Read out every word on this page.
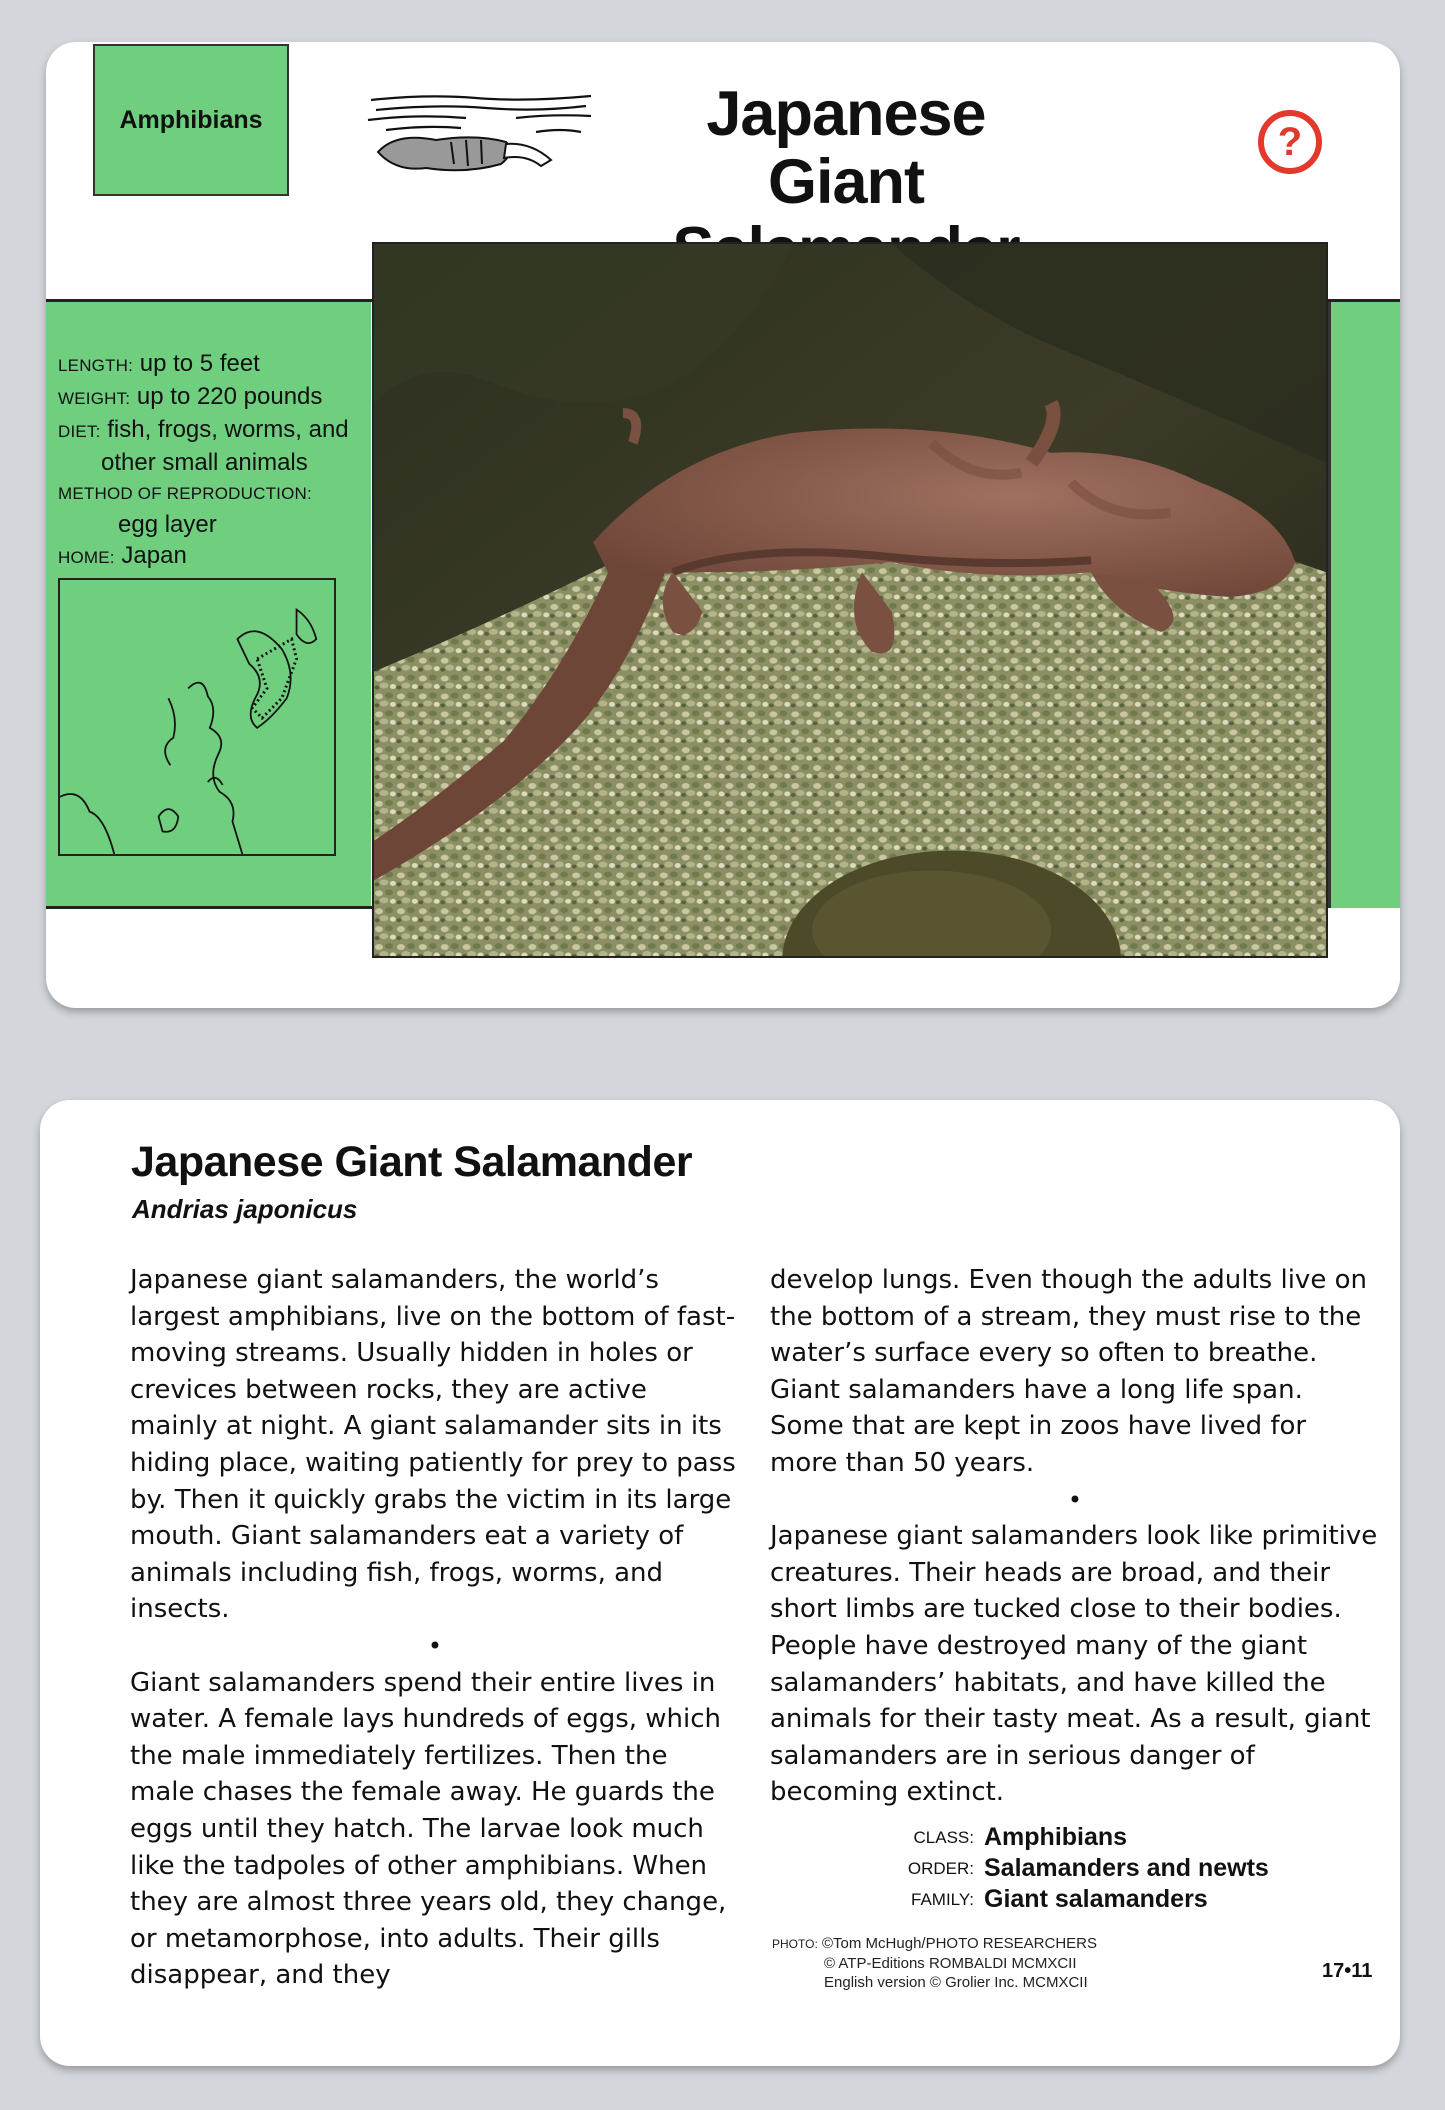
Amphibians	Japanese Giant
?
LENGTH: up to 5 feet
WEIGHT: up to 220 pounds
DIET: fish, frogs, worms, and
other small animals
METHOD OF REPRODUCTION:
egg layer
HOME: Japan
Japanese Giant Salamander
Andrias japonicus

Japanese giant salamanders, the world’s largest amphibians, live on the bottom of fast-moving streams. Usually hidden in holes or crevices between rocks, they are active mainly at night. A giant salamander sits in its hiding place, waiting patiently for prey to pass by. Then it quickly grabs the victim in its large mouth. Giant salamanders eat a variety of animals including fish, frogs, worms, and insects.

•

Giant salamanders spend their entire lives in water. A female lays hundreds of eggs, which the male immediately fertilizes. Then the male chases the female away. He guards the eggs until they hatch. The larvae look much like the tadpoles of other amphibians. When they are almost three years old, they change, or metamorphose, into adults. Their gills disappear, and they

develop lungs. Even though the adults live on the bottom of a stream, they must rise to the water’s surface every so often to breathe. Giant salamanders have a long life span. Some that are kept in zoos have lived for more than 50 years.

•

Japanese giant salamanders look like primitive creatures. Their heads are broad, and their short limbs are tucked close to their bodies. People have destroyed many of the giant salamanders’ habitats, and have killed the animals for their tasty meat. As a result, giant salamanders are in serious danger of becoming extinct.

CLASS: Amphibians
ORDER: Salamanders and newts
FAMILY: Giant salamanders
PHOTO: ©Tom McHugh/PHOTO RESEARCHERS
© ATP-Editions ROMBALDI MCMXCII
English version © Grolier Inc. MCMXCII
17•11
